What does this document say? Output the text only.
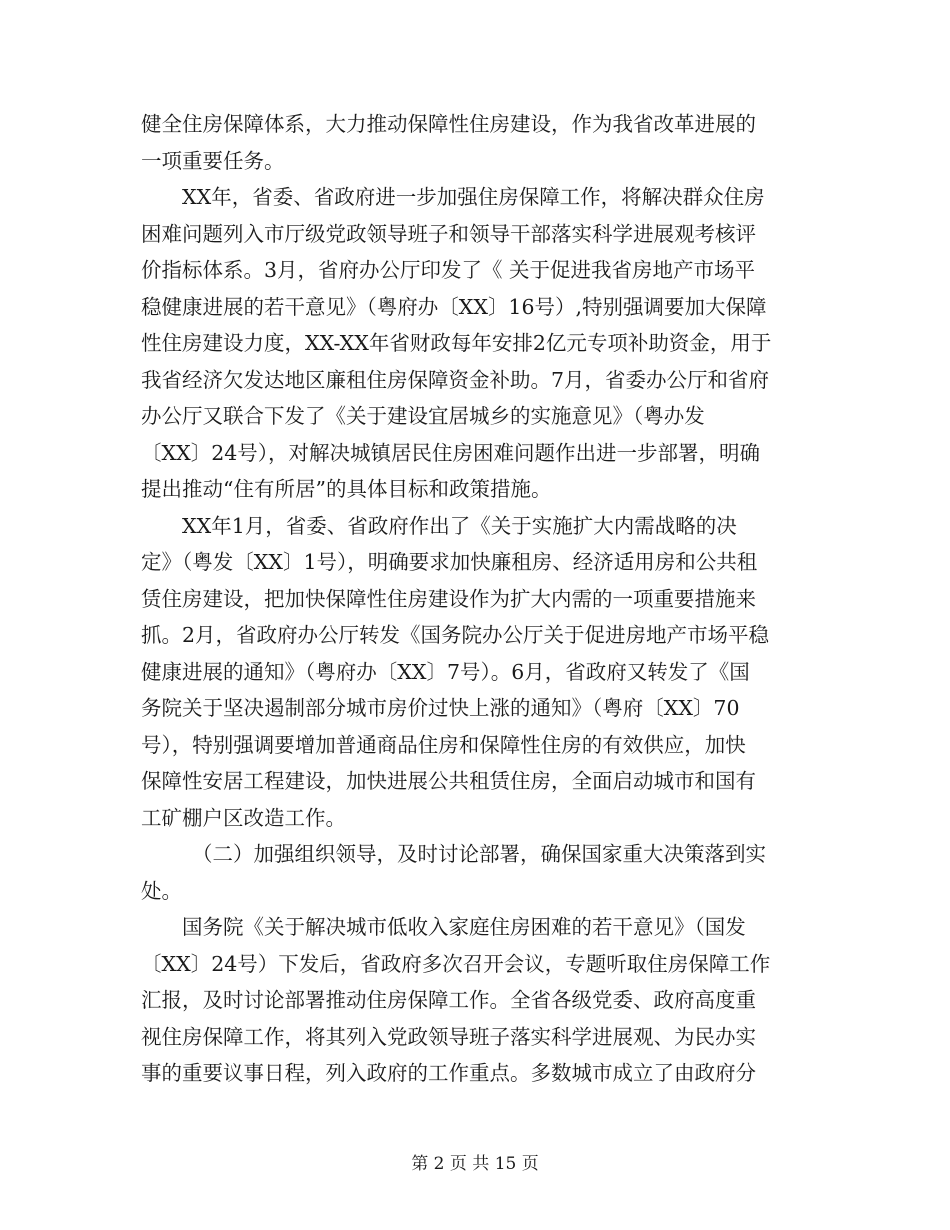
健全住房保障体系，大力推动保障性住房建设，作为我省改革进展的
一项重要任务。
XX年，省委、省政府进一步加强住房保障工作，将解决群众住房
困难问题列入市厅级党政领导班子和领导干部落实科学进展观考核评
价指标体系。3月，省府办公厅印发了《 关于促进我省房地产市场平
稳健康进展的若干意见》（粤府办〔XX〕16号）,特别强调要加大保障
性住房建设力度，XX-XX年省财政每年安排2亿元专项补助资金，用于
我省经济欠发达地区廉租住房保障资金补助。7月，省委办公厅和省府
办公厅又联合下发了《关于建设宜居城乡的实施意见》（粤办发
〔XX〕24号），对解决城镇居民住房困难问题作出进一步部署，明确
提出推动“住有所居”的具体目标和政策措施。
XX年1月，省委、省政府作出了《关于实施扩大内需战略的决
定》（粤发〔XX〕1号），明确要求加快廉租房、经济适用房和公共租
赁住房建设，把加快保障性住房建设作为扩大内需的一项重要措施来
抓。2月，省政府办公厅转发《国务院办公厅关于促进房地产市场平稳
健康进展的通知》（粤府办〔XX〕7号）。6月，省政府又转发了《国
务院关于坚决遏制部分城市房价过快上涨的通知》（粤府〔XX〕70
号），特别强调要增加普通商品住房和保障性住房的有效供应，加快
保障性安居工程建设，加快进展公共租赁住房，全面启动城市和国有
工矿棚户区改造工作。
（二）加强组织领导，及时讨论部署，确保国家重大决策落到实
处。
国务院《关于解决城市低收入家庭住房困难的若干意见》（国发
〔XX〕24号）下发后，省政府多次召开会议，专题听取住房保障工作
汇报，及时讨论部署推动住房保障工作。全省各级党委、政府高度重
视住房保障工作，将其列入党政领导班子落实科学进展观、为民办实
事的重要议事日程，列入政府的工作重点。多数城市成立了由政府分
第 2 页 共 15 页
